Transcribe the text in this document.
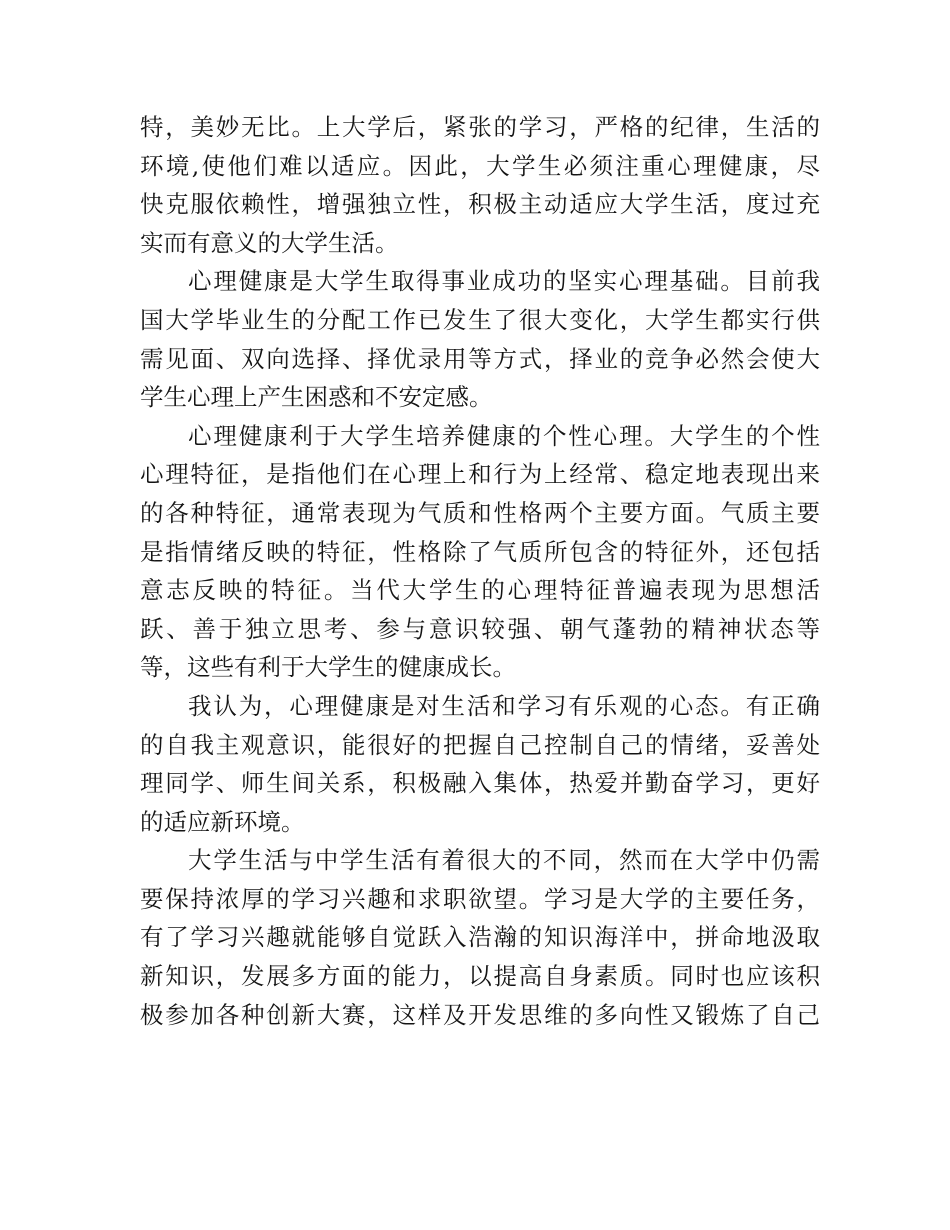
特，美妙无比。上大学后，紧张的学习，严格的纪律，生活的
环境,使他们难以适应。因此，大学生必须注重心理健康，尽
快克服依赖性，增强独立性，积极主动适应大学生活，度过充
实而有意义的大学生活。
心理健康是大学生取得事业成功的坚实心理基础。目前我
国大学毕业生的分配工作已发生了很大变化，大学生都实行供
需见面、双向选择、择优录用等方式，择业的竞争必然会使大
学生心理上产生困惑和不安定感。
心理健康利于大学生培养健康的个性心理。大学生的个性
心理特征，是指他们在心理上和行为上经常、稳定地表现出来
的各种特征，通常表现为气质和性格两个主要方面。气质主要
是指情绪反映的特征，性格除了气质所包含的特征外，还包括
意志反映的特征。当代大学生的心理特征普遍表现为思想活
跃、善于独立思考、参与意识较强、朝气蓬勃的精神状态等
等，这些有利于大学生的健康成长。
我认为，心理健康是对生活和学习有乐观的心态。有正确
的自我主观意识，能很好的把握自己控制自己的情绪，妥善处
理同学、师生间关系，积极融入集体，热爱并勤奋学习，更好
的适应新环境。
大学生活与中学生活有着很大的不同，然而在大学中仍需
要保持浓厚的学习兴趣和求职欲望。学习是大学的主要任务，
有了学习兴趣就能够自觉跃入浩瀚的知识海洋中，拼命地汲取
新知识，发展多方面的能力，以提高自身素质。同时也应该积
极参加各种创新大赛，这样及开发思维的多向性又锻炼了自己
